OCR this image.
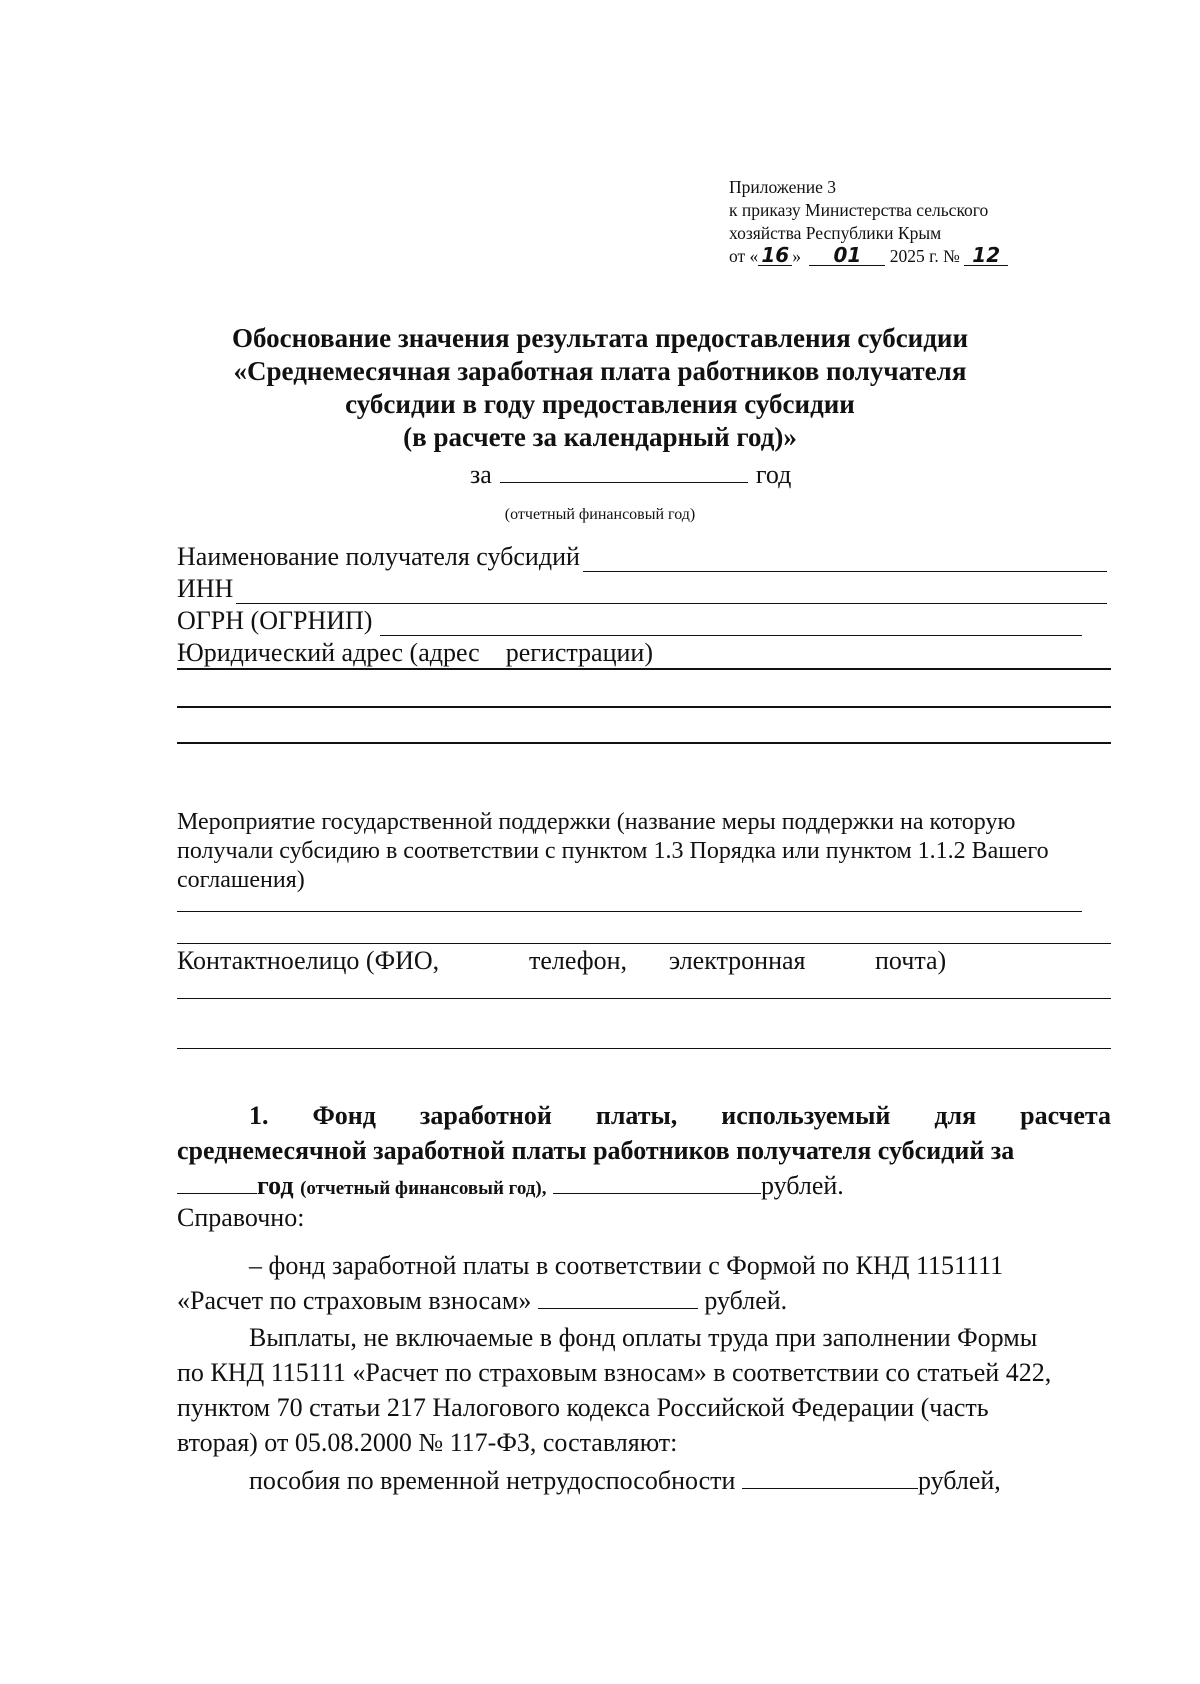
Приложение 3
к приказу Министерства сельского
хозяйства Республики Крым
от « 16 » 01 2025 г. № 12
Обоснование значения результата предоставления субсидии
«Среднемесячная заработная плата работников получателя
субсидии в году предоставления субсидии
(в расчете за календарный год)»
за	год
(отчетный финансовый год)
Наименование получателя субсидий
ИНН
ОГРН (ОГРНИП)
Юридический адрес (адрес    регистрации)
Мероприятие государственной поддержки (название меры поддержки на которую
получали субсидию в соответствии с пунктом 1.3 Порядка или пунктом 1.1.2 Вашего
соглашения)
Контактноелицо (ФИО,	телефон, электронная	почта)
1. Фонд заработной платы, используемый для расчета
среднемесячной заработной платы работников получателя субсидий за
год (отчетный финансовый год),	рублей.
Справочно:
– фонд заработной платы в соответствии с Формой по КНД 1151111
«Расчет по страховым взносам»	рублей.
Выплаты, не включаемые в фонд оплаты труда при заполнении Формы
по КНД 115111 «Расчет по страховым взносам» в соответствии со статьей 422,
пунктом 70 статьи 217 Налогового кодекса Российской Федерации (часть
вторая) от 05.08.2000 № 117-ФЗ, составляют:
пособия по временной нетрудоспособности	рублей,
